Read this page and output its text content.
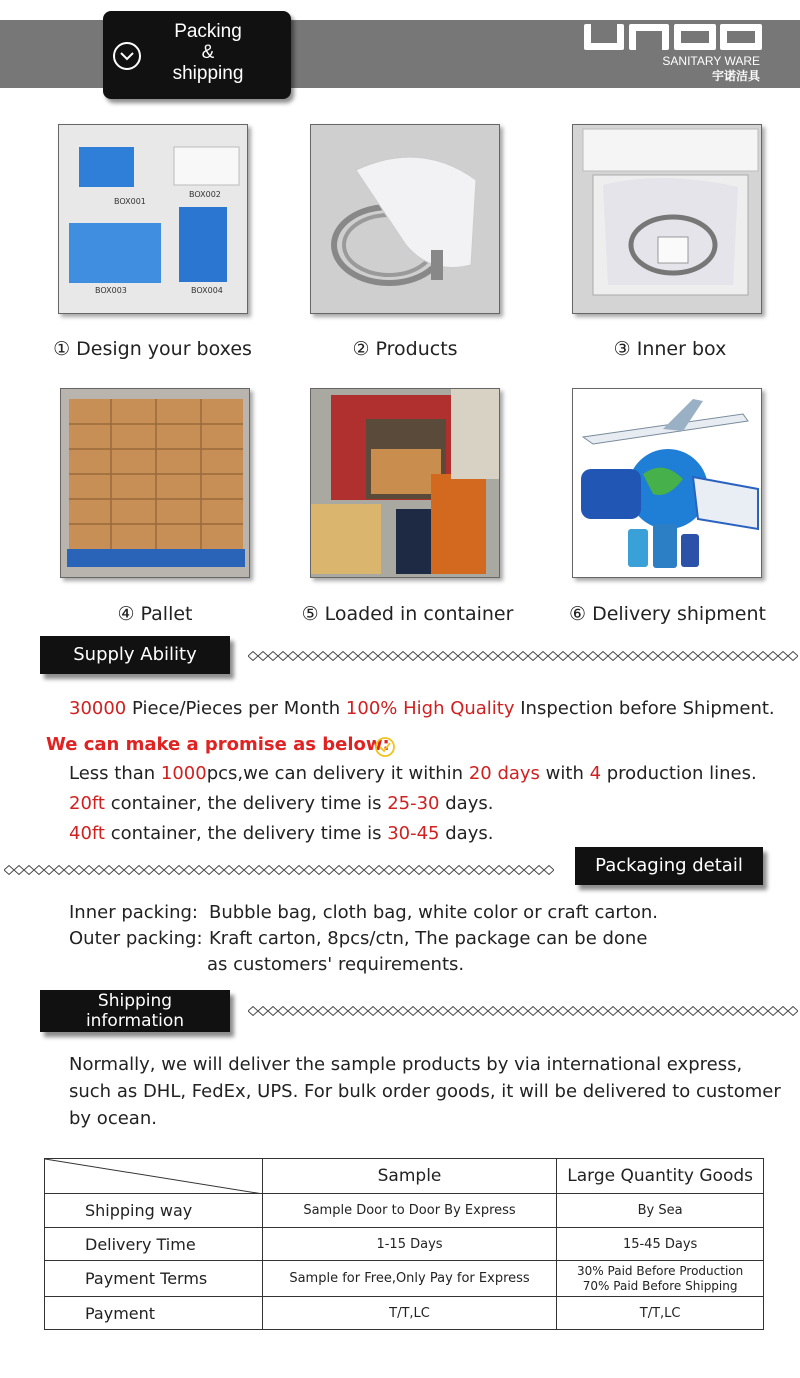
Packing
&
shipping
SANITARY WARE
宇诺洁具
BOX001
BOX002
BOX003	BOX004
① Design your boxes	② Products	③ Inner box
④ Pallet	⑤ Loaded in container	⑥ Delivery shipment
Supply Ability
30000 Piece/Pieces per Month 100% High Quality Inspection before Shipment.
We can make a promise as below:
Less than 1000pcs,we can delivery it within 20 days with 4 production lines.
20ft container, the delivery time is 25-30 days.
40ft container, the delivery time is 30-45 days.
Packaging detail
Inner packing: Bubble bag, cloth bag, white color or craft carton.
Outer packing: Kraft carton, 8pcs/ctn, The package can be done
as customers' requirements.
Shipping
information
Normally, we will deliver the sample products by via international express,
such as DHL, FedEx, UPS. For bulk order goods, it will be delivered to customer
by ocean.
	Sample	Large Quantity Goods
Shipping way	Sample Door to Door By Express	By Sea
Delivery Time	1-15 Days	15-45 Days
Payment Terms	Sample for Free,Only Pay for Express	30% Paid Before Production
70% Paid Before Shipping

Payment	T/T,LC	T/T,LC
